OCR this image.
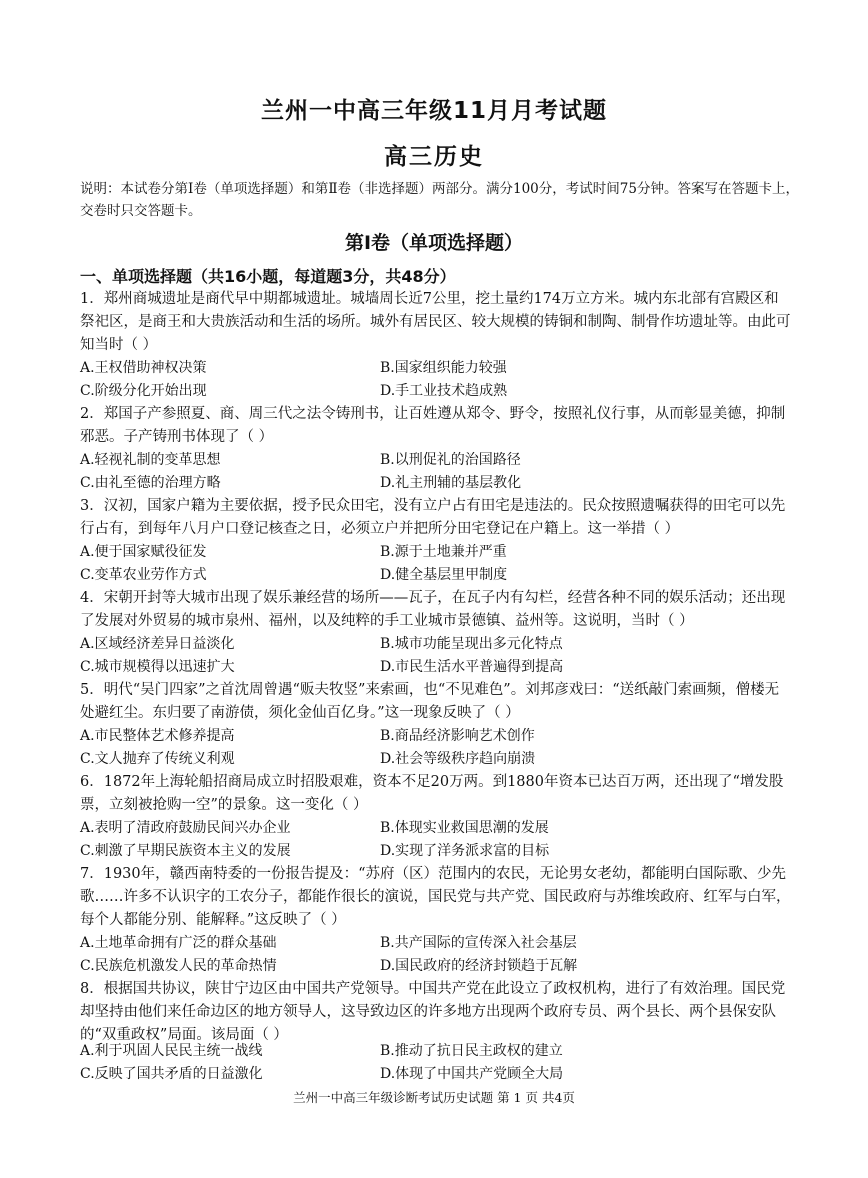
兰州一中高三年级11月月考试题
高三历史
说明：本试卷分第Ⅰ卷（单项选择题）和第Ⅱ卷（非选择题）两部分。满分100分，考试时间75分钟。答案写在答题卡上，交卷时只交答题卡。
第Ⅰ卷（单项选择题）
一、单项选择题（共16小题，每道题3分，共48分）
1．郑州商城遗址是商代早中期都城遗址。城墙周长近7公里，挖土量约174万立方米。城内东北部有宫殿区和祭祀区，是商王和大贵族活动和生活的场所。城外有居民区、较大规模的铸铜和制陶、制骨作坊遗址等。由此可知当时（ ）
A.王权借助神权决策	B.国家组织能力较强
C.阶级分化开始出现	D.手工业技术趋成熟
2．郑国子产参照夏、商、周三代之法令铸刑书，让百姓遵从郑令、野令，按照礼仪行事，从而彰显美德，抑制邪恶。子产铸刑书体现了（ ）
A.轻视礼制的变革思想	B.以刑促礼的治国路径
C.由礼至德的治理方略	D.礼主刑辅的基层教化
3．汉初，国家户籍为主要依据，授予民众田宅，没有立户占有田宅是违法的。民众按照遗嘱获得的田宅可以先行占有，到每年八月户口登记核查之日，必须立户并把所分田宅登记在户籍上。这一举措（ ）
A.便于国家赋役征发	B.源于土地兼并严重
C.变革农业劳作方式	D.健全基层里甲制度
4．宋朝开封等大城市出现了娱乐兼经营的场所——瓦子，在瓦子内有勾栏，经营各种不同的娱乐活动；还出现了发展对外贸易的城市泉州、福州，以及纯粹的手工业城市景德镇、益州等。这说明，当时（ ）
A.区域经济差异日益淡化	B.城市功能呈现出多元化特点
C.城市规模得以迅速扩大	D.市民生活水平普遍得到提高
5．明代“吴门四家”之首沈周曾遇“贩夫牧竖”来索画，也“不见难色”。刘邦彦戏曰：“送纸敲门索画频，僧楼无处避红尘。东归要了南游债，须化金仙百亿身。”这一现象反映了（ ）
A.市民整体艺术修养提高	B.商品经济影响艺术创作
C.文人抛弃了传统义利观	D.社会等级秩序趋向崩溃
6．1872年上海轮船招商局成立时招股艰难，资本不足20万两。到1880年资本已达百万两，还出现了“增发股票，立刻被抢购一空”的景象。这一变化（ ）
A.表明了清政府鼓励民间兴办企业	B.体现实业救国思潮的发展
C.刺激了早期民族资本主义的发展	D.实现了洋务派求富的目标
7．1930年，赣西南特委的一份报告提及：“苏府（区）范围内的农民，无论男女老幼，都能明白国际歌、少先歌……许多不认识字的工农分子，都能作很长的演说，国民党与共产党、国民政府与苏维埃政府、红军与白军，每个人都能分别、能解释。”这反映了（ ）
A.土地革命拥有广泛的群众基础	B.共产国际的宣传深入社会基层
C.民族危机激发人民的革命热情	D.国民政府的经济封锁趋于瓦解
8．根据国共协议，陕甘宁边区由中国共产党领导。中国共产党在此设立了政权机构，进行了有效治理。国民党却坚持由他们来任命边区的地方领导人，这导致边区的许多地方出现两个政府专员、两个县长、两个县保安队的“双重政权”局面。该局面（ ）
A.利于巩固人民民主统一战线	B.推动了抗日民主政权的建立
C.反映了国共矛盾的日益激化	D.体现了中国共产党顾全大局
兰州一中高三年级诊断考试历史试题 第 1 页 共4页
